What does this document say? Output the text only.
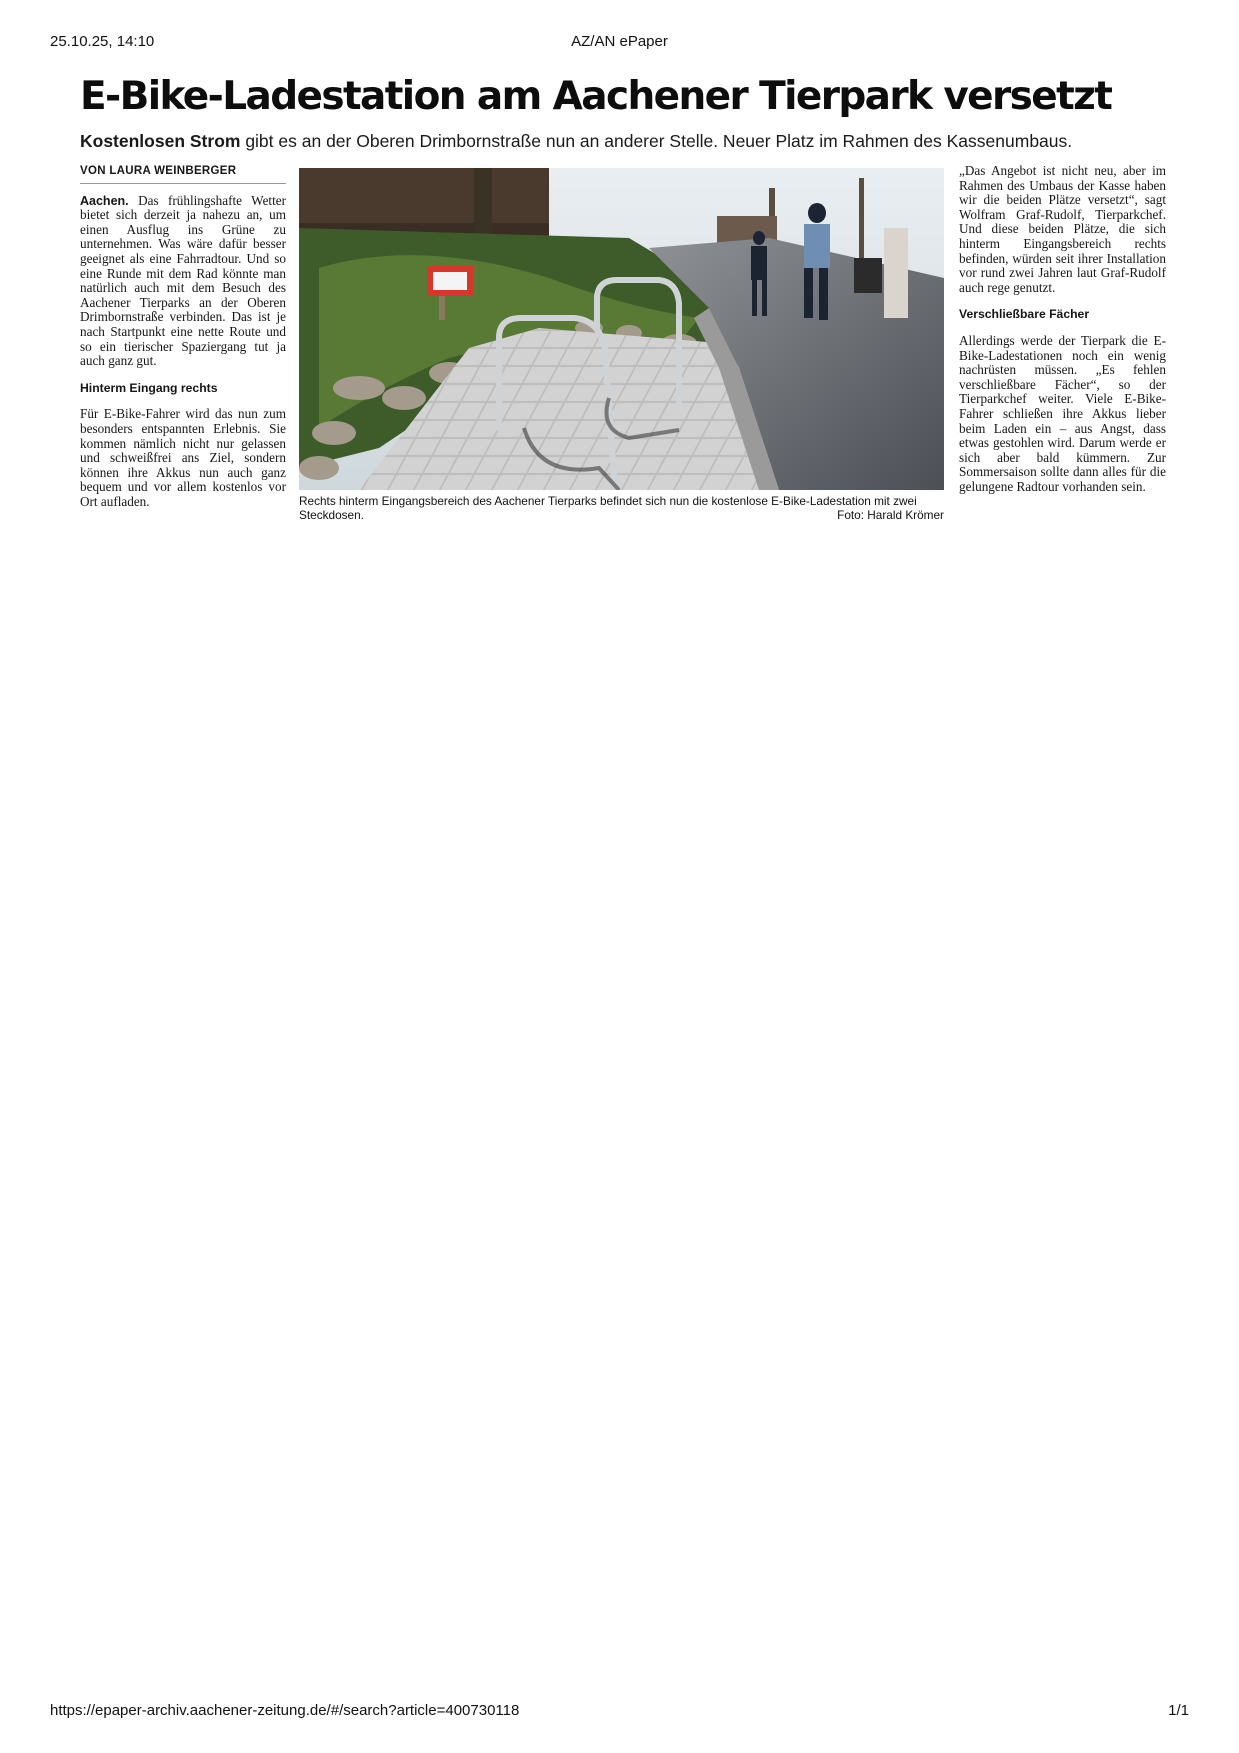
25.10.25, 14:10	AZ/AN ePaper
E-Bike-Ladestation am Aachener Tierpark versetzt
Kostenlosen Strom gibt es an der Oberen Drimbornstraße nun an anderer Stelle. Neuer Platz im Rahmen des Kassenumbaus.
VON LAURA WEINBERGER

Aachen. Das frühlingshafte Wetter bietet sich derzeit ja nahezu an, um einen Ausflug ins Grüne zu unternehmen. Was wäre dafür besser geeignet als eine Fahrradtour. Und so eine Runde mit dem Rad könnte man natürlich auch mit dem Besuch des Aachener Tierparks an der Oberen Drimbornstraße verbinden. Das ist je nach Startpunkt eine nette Route und so ein tierischer Spaziergang tut ja auch ganz gut.

Hinterm Eingang rechts

Für E-Bike-Fahrer wird das nun zum besonders entspannten Erlebnis. Sie kommen nämlich nicht nur gelassen und schweißfrei ans Ziel, sondern können ihre Akkus nun auch ganz bequem und vor allem kostenlos vor Ort aufladen.	Rechts hinterm Eingangsbereich des Aachener Tierparks befindet sich nun die kostenlose E-Bike-Ladestation mit zwei Steckdosen.	Foto: Harald Krömer

„Das Angebot ist nicht neu, aber im Rahmen des Umbaus der Kasse haben wir die beiden Plätze versetzt“, sagt Wolfram Graf-Rudolf, Tierparkchef. Und diese beiden Plätze, die sich hinterm Eingangsbereich rechts befinden, würden seit ihrer Installation vor rund zwei Jahren laut Graf-Rudolf auch rege genutzt.

Verschließbare Fächer

Allerdings werde der Tierpark die E-Bike-Ladestationen noch ein wenig nachrüsten müssen. „Es fehlen verschließbare Fächer“, so der Tierparkchef weiter. Viele E-Bike-Fahrer schließen ihre Akkus lieber beim Laden ein – aus Angst, dass etwas gestohlen wird. Darum werde er sich aber bald kümmern. Zur Sommersaison sollte dann alles für die gelungene Radtour vorhanden sein.

https://epaper-archiv.aachener-zeitung.de/#/search?article=400730118	1/1
